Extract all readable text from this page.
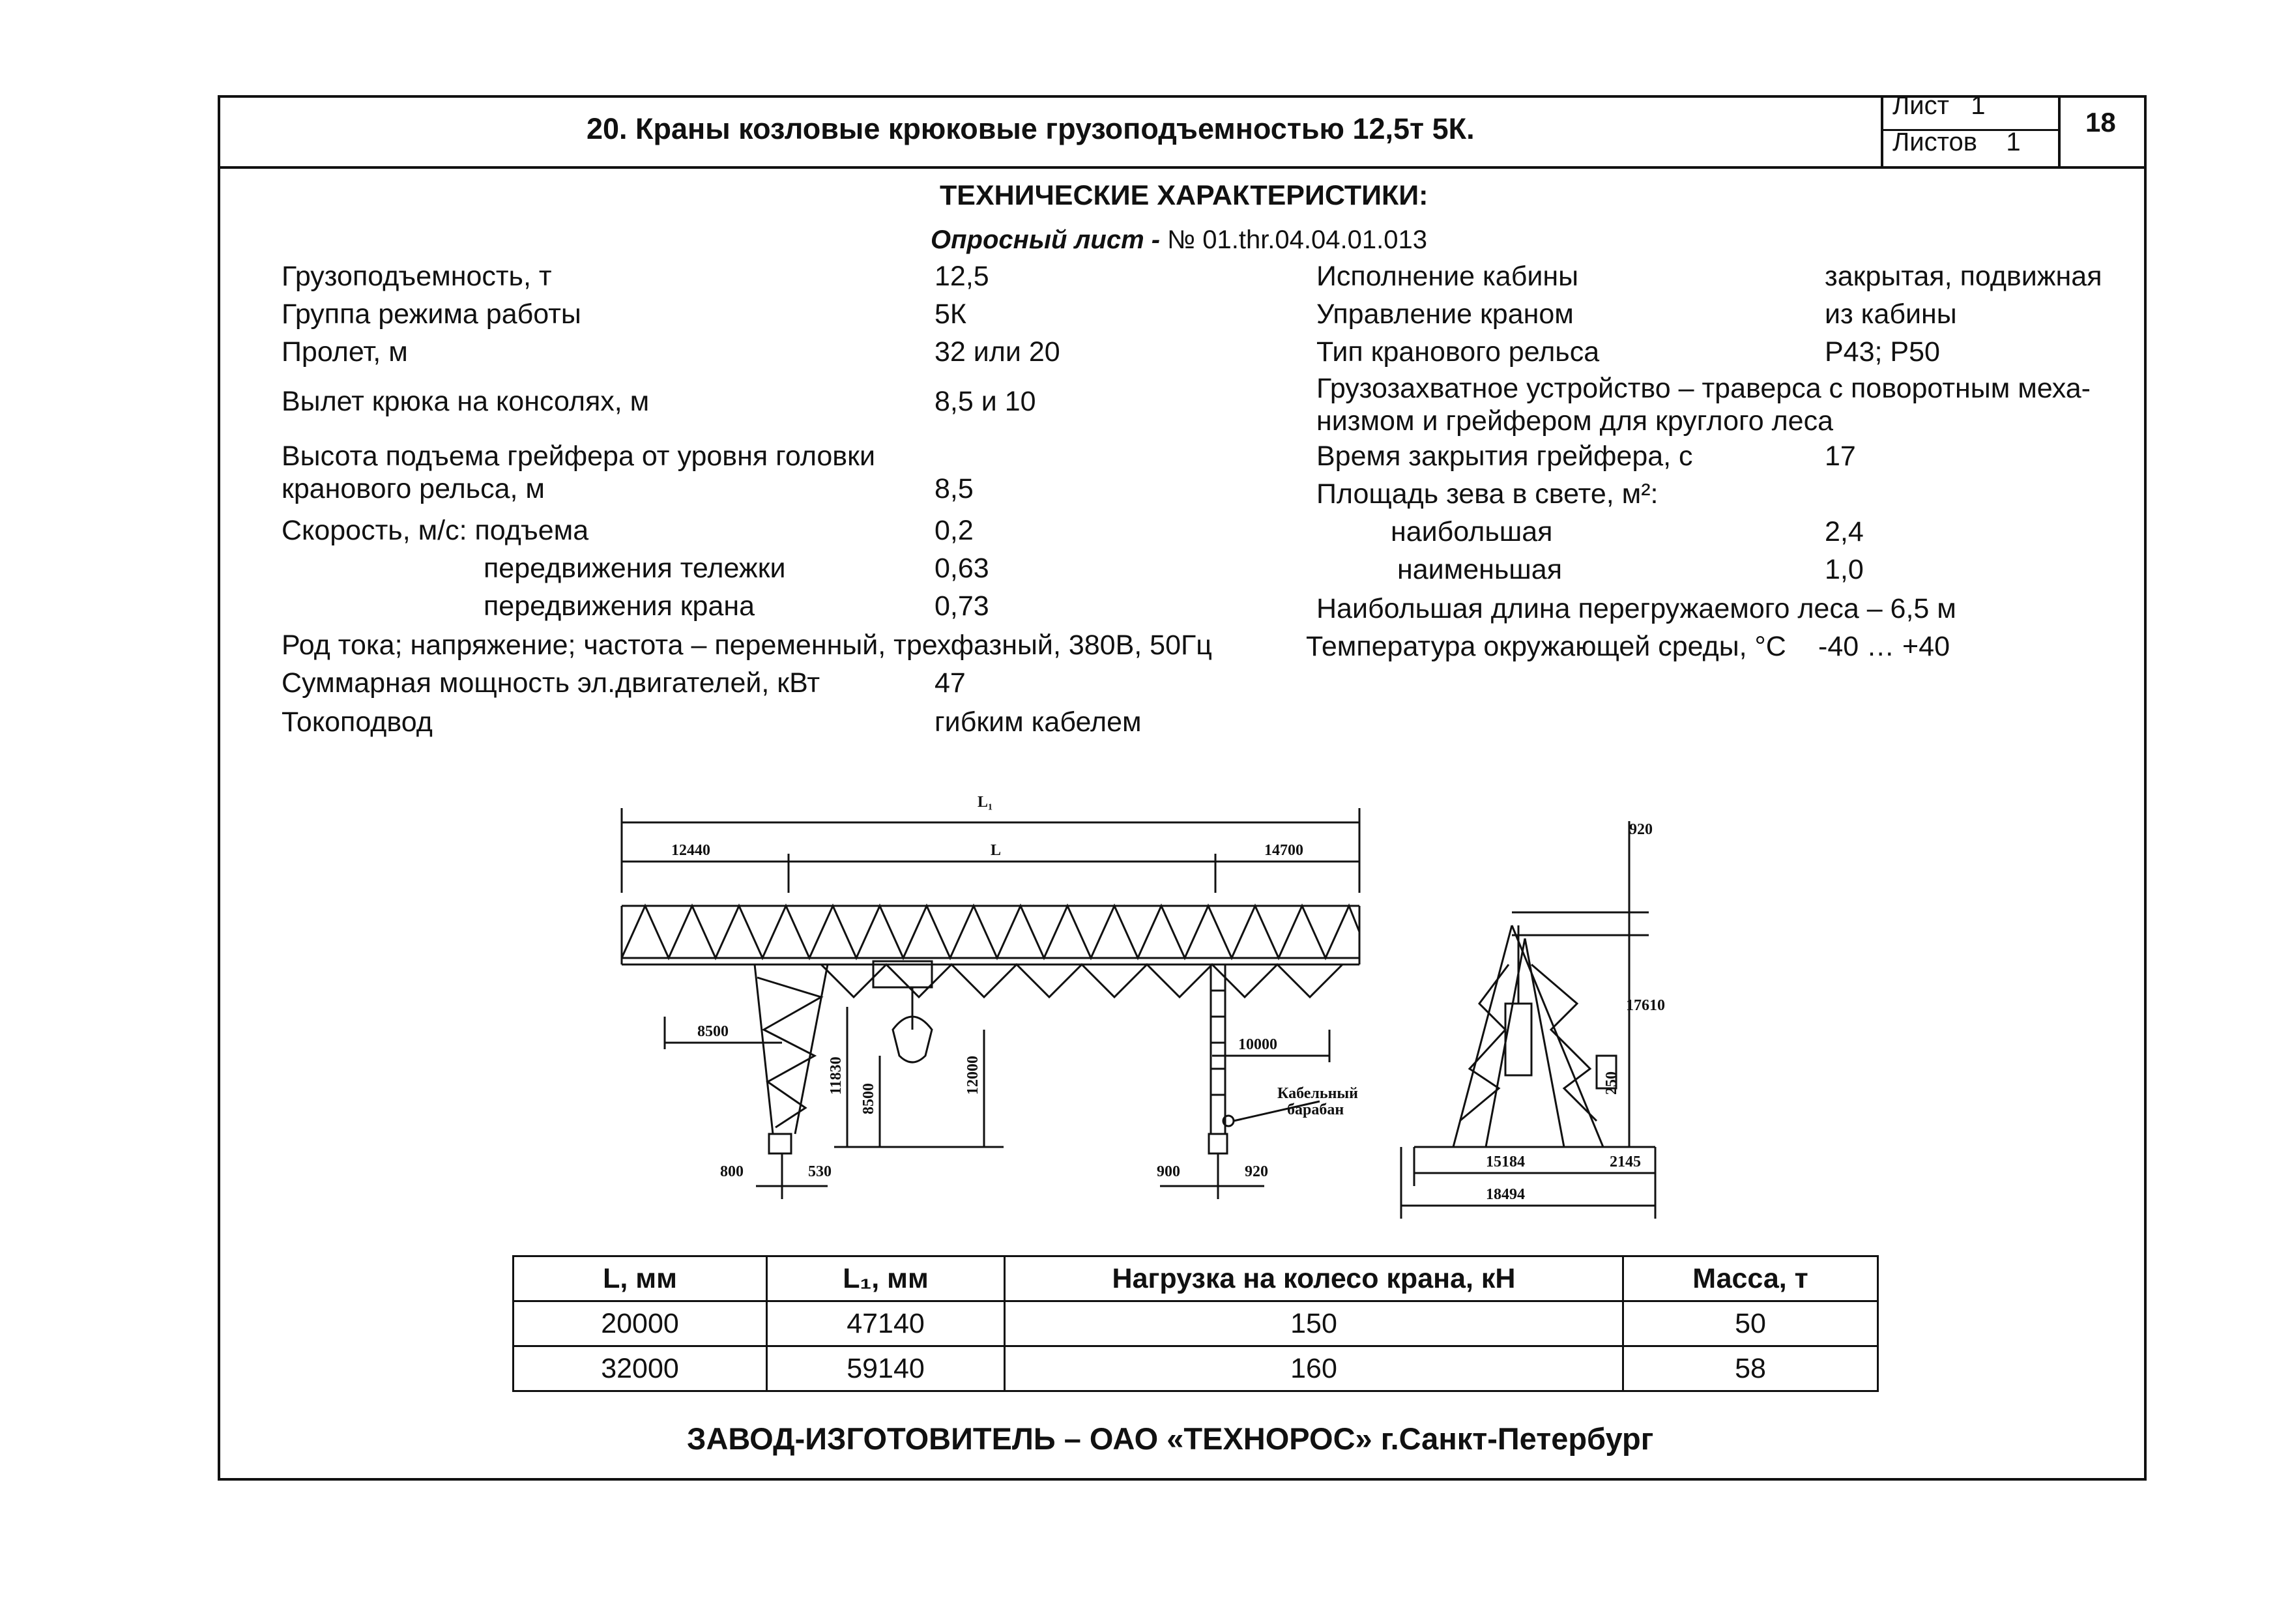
20. Краны козловые крюковые грузоподъемностью 12,5т 5К.
Лист 1
Листов 1
18
ТЕХНИЧЕСКИЕ ХАРАКТЕРИСТИКИ:
Опросный лист - № 01.thr.04.04.01.013
Грузоподъемность, т	12,5
Группа режима работы	5К
Пролет, м	32 или 20
Вылет крюка на консолях, м	8,5 и 10
Высота подъема грейфера от уровня головки
кранового рельса, м	8,5
Скорость, м/с: подъема	0,2
передвижения тележки	0,63
передвижения крана	0,73
Род тока; напряжение; частота – переменный, трехфазный, 380В, 50Гц
Суммарная мощность эл.двигателей, кВт	47
Токоподвод	гибким кабелем
Исполнение кабины	закрытая, подвижная
Управление краном	из кабины
Тип кранового рельса	Р43; Р50
Грузозахватное устройство – траверса с поворотным меха-
низмом и грейфером для круглого леса
Время закрытия грейфера, с	17
Площадь зева в свете, м²:
наибольшая	2,4
наименьшая	1,0
Наибольшая длина перегружаемого леса – 6,5 м
Температура окружающей среды, °С -40 … +40
L₁
12440	L	14700
8500
10000
11830
8500
12000
800	530	900	920
Кабельный
барабан
920
17610
250
15184	2145
18494
L, мм	L₁, мм	Нагрузка на колесо крана, кН	Масса, т
20000	47140	150	50
32000	59140	160	58
ЗАВОД-ИЗГОТОВИТЕЛЬ – ОАО «ТЕХНОРОС» г.Санкт-Петербург
